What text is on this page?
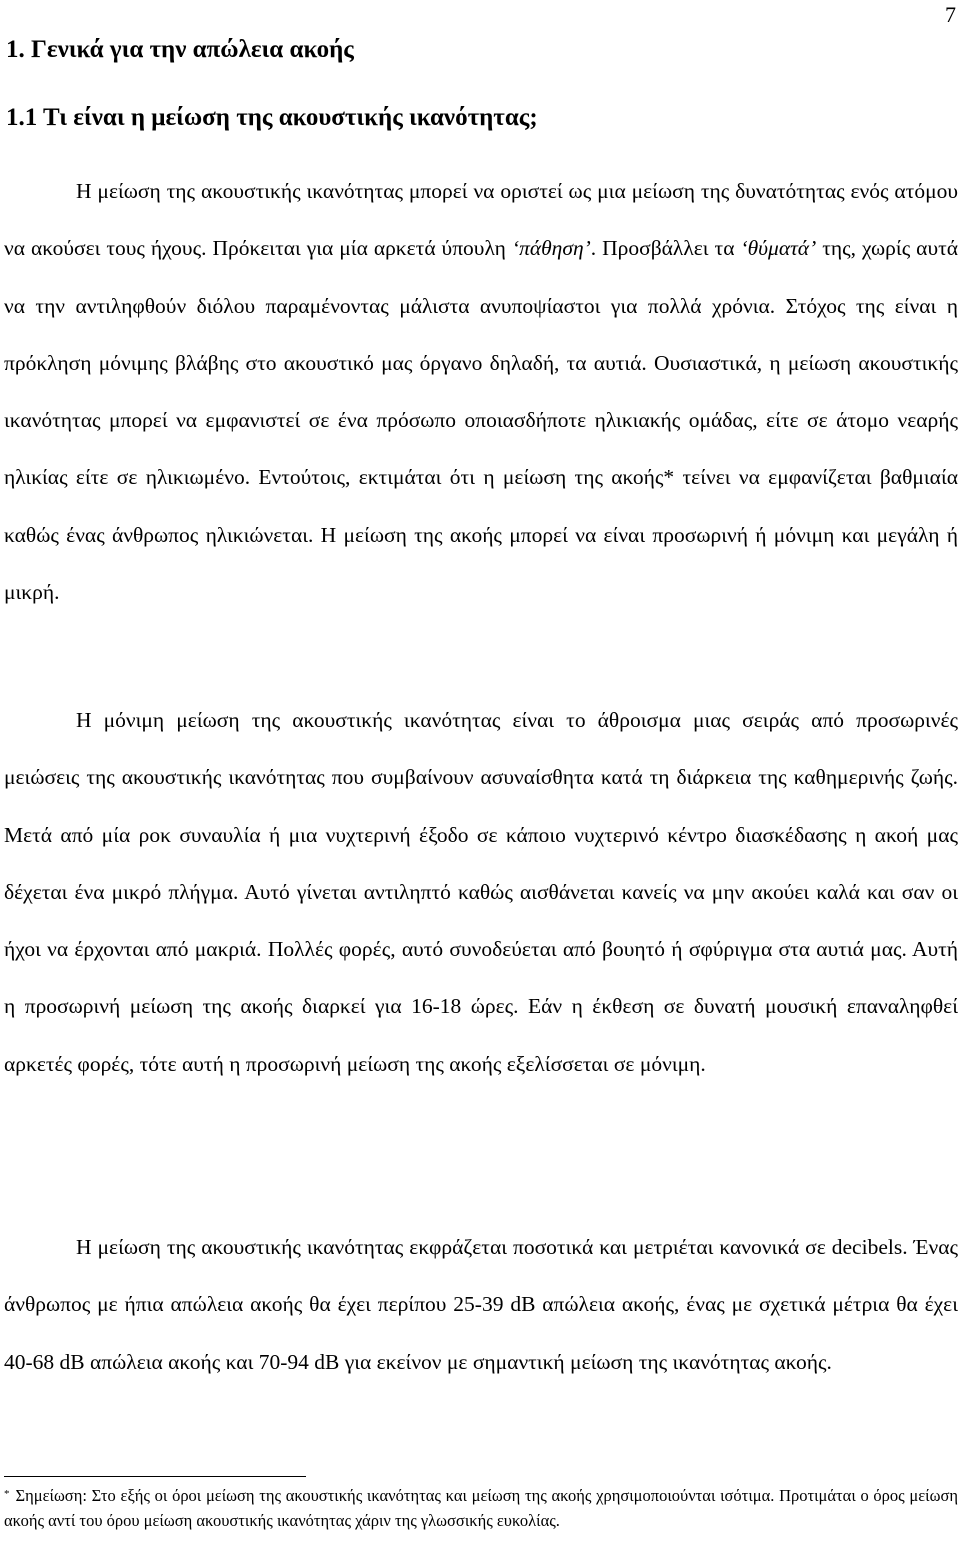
7
1. Γενικά για την απώλεια ακοής
1.1 Τι είναι η μείωση της ακουστικής ικανότητας;

Η μείωση της ακουστικής ικανότητας μπορεί να οριστεί ως μια μείωση της δυνατότητας ενός ατόμου να ακούσει τους ήχους. Πρόκειται για μία αρκετά ύπουλη ‘πάθηση’. Προσβάλλει τα ‘θύματά’ της, χωρίς αυτά να την αντιληφθούν διόλου παραμένοντας μάλιστα ανυποψίαστοι για πολλά χρόνια. Στόχος της είναι η πρόκληση μόνιμης βλάβης στο ακουστικό μας όργανο δηλαδή, τα αυτιά. Ουσιαστικά, η μείωση ακουστικής ικανότητας μπορεί να εμφανιστεί σε ένα πρόσωπο οποιασδήποτε ηλικιακής ομάδας, είτε σε άτομο νεαρής ηλικίας είτε σε ηλικιωμένο. Εντούτοις, εκτιμάται ότι η μείωση της ακοής* τείνει να εμφανίζεται βαθμιαία καθώς ένας άνθρωπος ηλικιώνεται. Η μείωση της ακοής μπορεί να είναι προσωρινή ή μόνιμη και μεγάλη ή μικρή.

Η μόνιμη μείωση της ακουστικής ικανότητας είναι το άθροισμα μιας σειράς από προσωρινές μειώσεις της ακουστικής ικανότητας που συμβαίνουν ασυναίσθητα κατά τη διάρκεια της καθημερινής ζωής. Μετά από μία ροκ συναυλία ή μια νυχτερινή έξοδο σε κάποιο νυχτερινό κέντρο διασκέδασης η ακοή μας δέχεται ένα μικρό πλήγμα. Αυτό γίνεται αντιληπτό καθώς αισθάνεται κανείς να μην ακούει καλά και σαν οι ήχοι να έρχονται από μακριά. Πολλές φορές, αυτό συνοδεύεται από βουητό ή σφύριγμα στα αυτιά μας. Αυτή η προσωρινή μείωση της ακοής διαρκεί για 16-18 ώρες. Εάν η έκθεση σε δυνατή μουσική επαναληφθεί αρκετές φορές, τότε αυτή η προσωρινή μείωση της ακοής εξελίσσεται σε μόνιμη.

Η μείωση της ακουστικής ικανότητας εκφράζεται ποσοτικά και μετριέται κανονικά σε decibels. Ένας άνθρωπος με ήπια απώλεια ακοής θα έχει περίπου 25-39 dB απώλεια ακοής, ένας με σχετικά μέτρια θα έχει 40-68 dB απώλεια ακοής και 70-94 dB για εκείνον με σημαντική μείωση της ικανότητας ακοής.

* Σημείωση: Στο εξής οι όροι μείωση της ακουστικής ικανότητας και μείωση της ακοής χρησιμοποιούνται ισότιμα. Προτιμάται ο όρος μείωση ακοής αντί του όρου μείωση ακουστικής ικανότητας χάριν της γλωσσικής ευκολίας.
